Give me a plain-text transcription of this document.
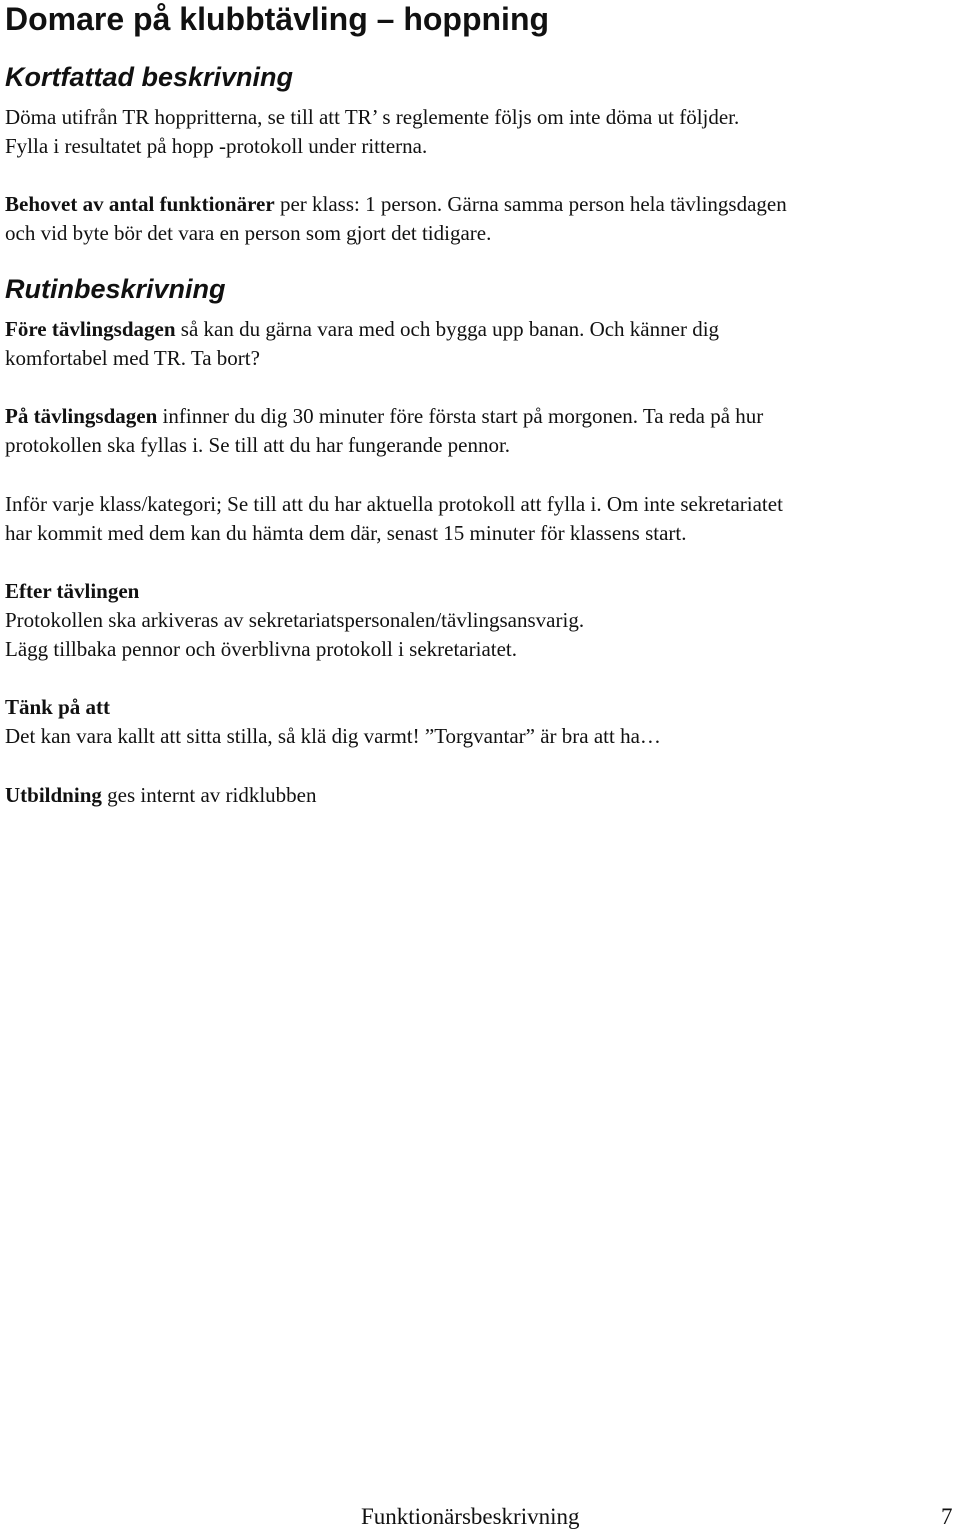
Domare på klubbtävling – hoppning
Kortfattad beskrivning

Döma utifrån TR hoppritterna, se till att TR’ s reglemente följs om inte döma ut följder.
Fylla i resultatet på hopp -protokoll under ritterna.

Behovet av antal funktionärer per klass: 1 person. Gärna samma person hela tävlingsdagen
och vid byte bör det vara en person som gjort det tidigare.

Rutinbeskrivning

Före tävlingsdagen så kan du gärna vara med och bygga upp banan. Och känner dig
komfortabel med TR. Ta bort?

På tävlingsdagen infinner du dig 30 minuter före första start på morgonen. Ta reda på hur
protokollen ska fyllas i. Se till att du har fungerande pennor.

Inför varje klass/kategori; Se till att du har aktuella protokoll att fylla i. Om inte sekretariatet
har kommit med dem kan du hämta dem där, senast 15 minuter för klassens start.

Efter tävlingen
Protokollen ska arkiveras av sekretariatspersonalen/tävlingsansvarig.
Lägg tillbaka pennor och överblivna protokoll i sekretariatet.

Tänk på att
Det kan vara kallt att sitta stilla, så klä dig varmt! ”Torgvantar” är bra att ha…

Utbildning ges internt av ridklubben

Funktionärsbeskrivning	7
